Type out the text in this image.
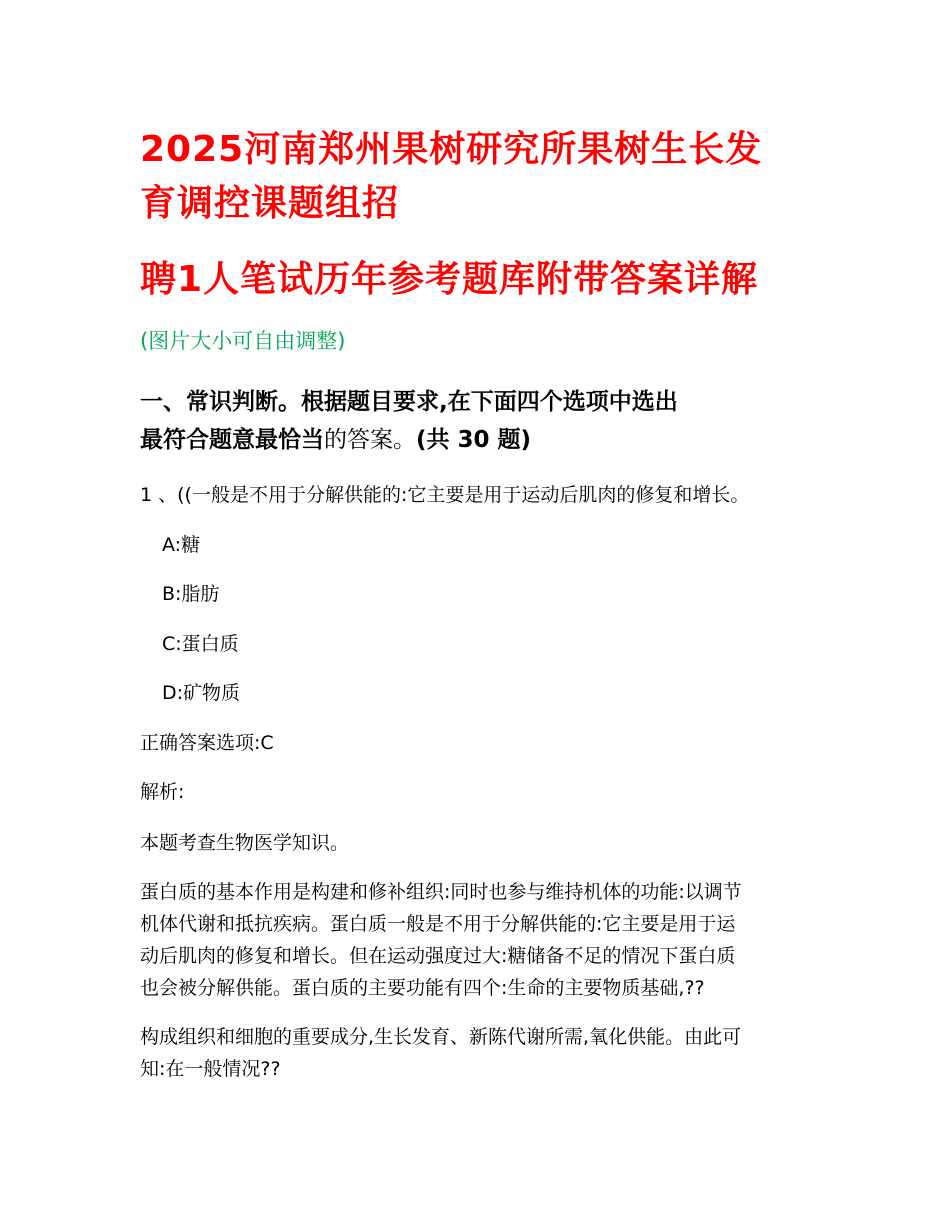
2025河南郑州果树研究所果树生长发
育调控课题组招
聘1人笔试历年参考题库附带答案详解
(图片大小可自由调整)
一、常识判断。根据题目要求,在下面四个选项中选出
最符合题意最恰当的答案。(共 30 题)
1 、((一般是不用于分解供能的:它主要是用于运动后肌肉的修复和增长。
A:糖
B:脂肪
C:蛋白质
D:矿物质
正确答案选项:C
解析:
本题考查生物医学知识。
蛋白质的基本作用是构建和修补组织:同时也参与维持机体的功能:以调节
机体代谢和抵抗疾病。蛋白质一般是不用于分解供能的:它主要是用于运
动后肌肉的修复和增长。但在运动强度过大:糖储备不足的情况下蛋白质
也会被分解供能。蛋白质的主要功能有四个:生命的主要物质基础,??
构成组织和细胞的重要成分,生长发育、新陈代谢所需,氧化供能。由此可
知:在一般情况??
